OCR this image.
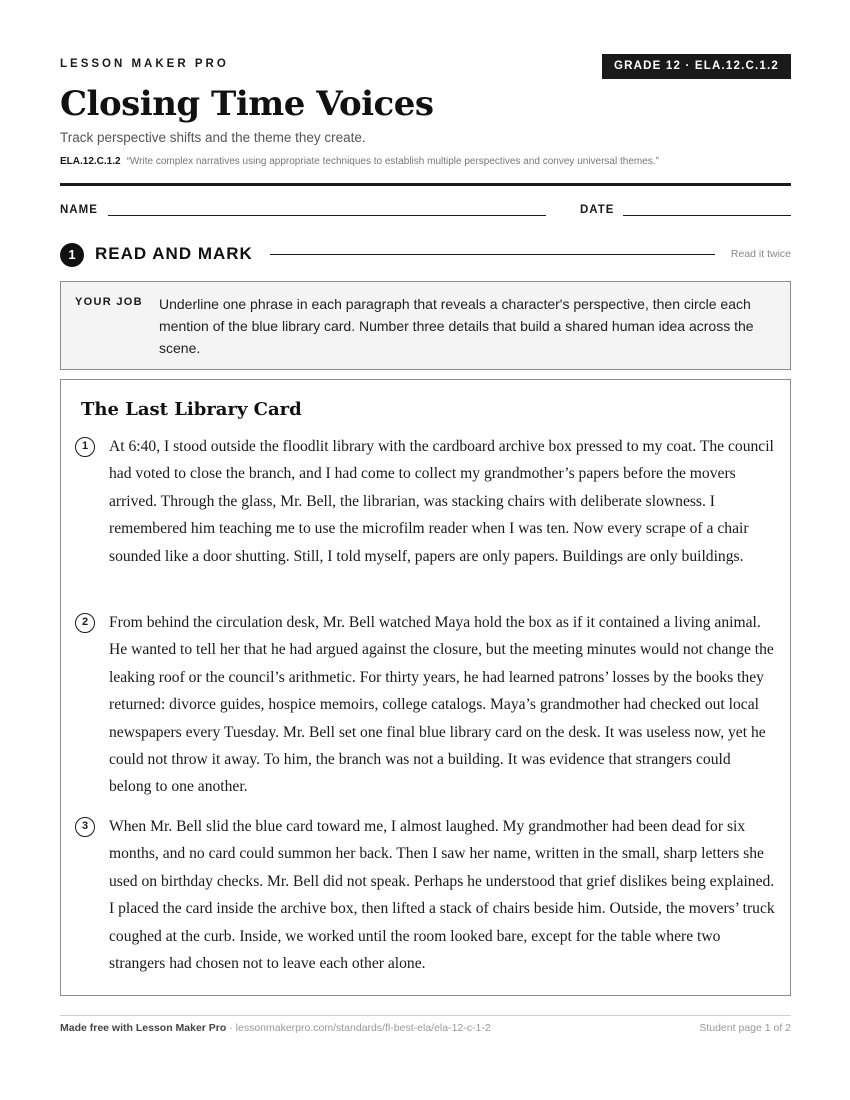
LESSON MAKER PRO	GRADE 12 · ELA.12.C.1.2
Closing Time Voices
Track perspective shifts and the theme they create.
ELA.12.C.1.2 “Write complex narratives using appropriate techniques to establish multiple perspectives and convey universal themes.”
NAME	DATE
1	READ AND MARK	Read it twice
YOUR JOB Underline one phrase in each paragraph that reveals a character's perspective, then circle each mention of the blue library card. Number three details that build a shared human idea across the scene.
The Last Library Card
1	At 6:40, I stood outside the floodlit library with the cardboard archive box pressed to my coat. The council had voted to close the branch, and I had come to collect my grandmother’s papers before the movers arrived. Through the glass, Mr. Bell, the librarian, was stacking chairs with deliberate slowness. I remembered him teaching me to use the microfilm reader when I was ten. Now every scrape of a chair sounded like a door shutting. Still, I told myself, papers are only papers. Buildings are only buildings.
2	From behind the circulation desk, Mr. Bell watched Maya hold the box as if it contained a living animal. He wanted to tell her that he had argued against the closure, but the meeting minutes would not change the leaking roof or the council’s arithmetic. For thirty years, he had learned patrons’ losses by the books they returned: divorce guides, hospice memoirs, college catalogs. Maya’s grandmother had checked out local newspapers every Tuesday. Mr. Bell set one final blue library card on the desk. It was useless now, yet he could not throw it away. To him, the branch was not a building. It was evidence that strangers could belong to one another.
3	When Mr. Bell slid the blue card toward me, I almost laughed. My grandmother had been dead for six months, and no card could summon her back. Then I saw her name, written in the small, sharp letters she used on birthday checks. Mr. Bell did not speak. Perhaps he understood that grief dislikes being explained. I placed the card inside the archive box, then lifted a stack of chairs beside him. Outside, the movers’ truck coughed at the curb. Inside, we worked until the room looked bare, except for the table where two strangers had chosen not to leave each other alone.
Made free with Lesson Maker Pro · lessonmakerpro.com/standards/fl-best-ela/ela-12-c-1-2	Student page 1 of 2
